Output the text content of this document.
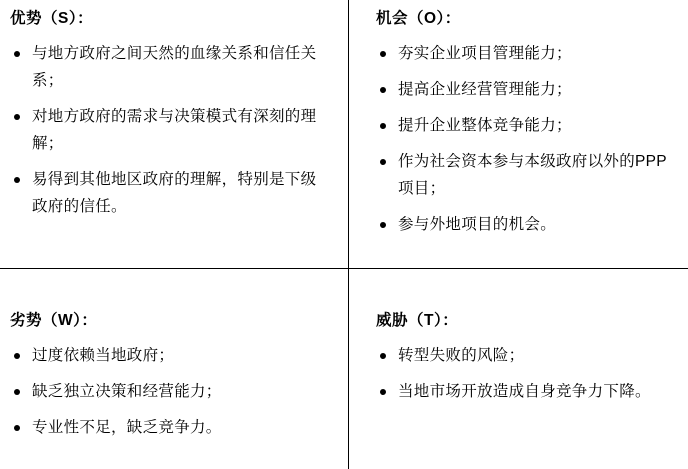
优势（S）：
与地方政府之间天然的血缘关系和信任关系；
对地方政府的需求与决策模式有深刻的理解；
易得到其他地区政府的理解，特别是下级政府的信任。
机会（O）：
夯实企业项目管理能力；
提高企业经营管理能力；
提升企业整体竞争能力；
作为社会资本参与本级政府以外的PPP项目；
参与外地项目的机会。
劣势（W）：
过度依赖当地政府；
缺乏独立决策和经营能力；
专业性不足，缺乏竞争力。
威胁（T）：
转型失败的风险；
当地市场开放造成自身竞争力下降。
